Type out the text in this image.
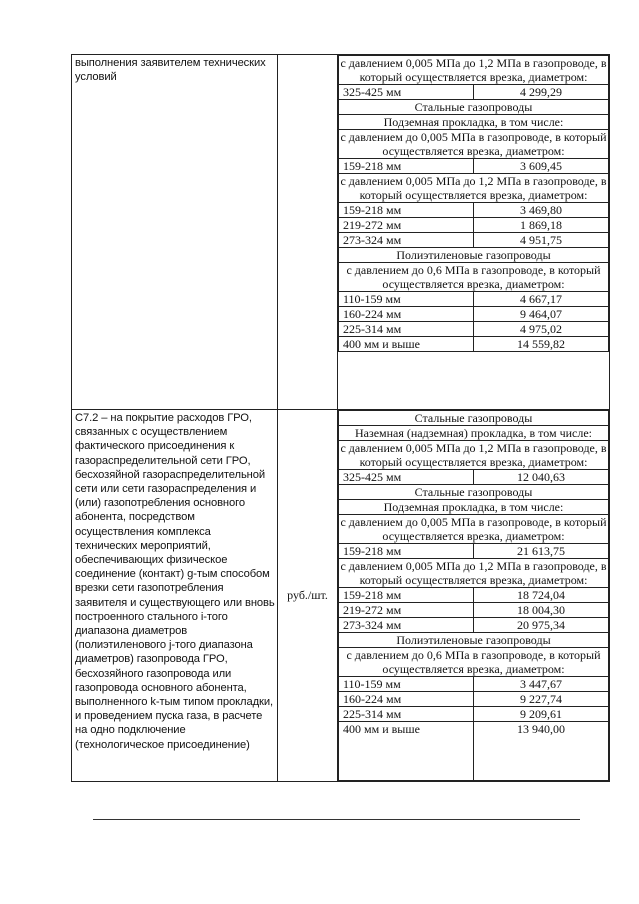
выполнения заявителем технических условий		
с давлением 0,005 МПа до 1,2 МПа в газопроводе, в который осуществляется врезка, диаметром:
325-425 мм	4 299,29
Стальные газопроводы
Подземная прокладка, в том числе:
с давлением до 0,005 МПа в газопроводе, в который осуществляется врезка, диаметром:
159-218 мм	3 609,45
с давлением 0,005 МПа до 1,2 МПа в газопроводе, в который осуществляется врезка, диаметром:
159-218 мм	3 469,80
219-272 мм	1 869,18
273-324 мм	4 951,75
Полиэтиленовые газопроводы
с давлением до 0,6 МПа в газопроводе, в который осуществляется врезка, диаметром:
110-159 мм	4 667,17
160-224 мм	9 464,07
225-314 мм	4 975,02
400 мм и выше	14 559,82

С7.2 – на покрытие расходов ГРО, связанных с осуществлением фактического присоединения к газораспределительной сети ГРО, бесхозяйной газораспределительной сети или сети газораспределения и (или) газопотребления основного абонента, посредством осуществления комплекса технических мероприятий, обеспечивающих физическое соединение (контакт) g-тым способом врезки сети газопотребления заявителя и существующего или вновь построенного стального i-того диапазона диаметров (полиэтиленового j-того диапазона диаметров) газопровода ГРО, бесхозяйного газопровода или газопровода основного абонента, выполненного k-тым типом прокладки, и проведением пуска газа, в расчете на одно подключение (технологическое присоединение)	руб./шт.	
Стальные газопроводы
Наземная (надземная) прокладка, в том числе:
с давлением 0,005 МПа до 1,2 МПа в газопроводе, в который осуществляется врезка, диаметром:
325-425 мм	12 040,63
Стальные газопроводы
Подземная прокладка, в том числе:
с давлением до 0,005 МПа в газопроводе, в который осуществляется врезка, диаметром:
159-218 мм	21 613,75
с давлением 0,005 МПа до 1,2 МПа в газопроводе, в который осуществляется врезка, диаметром:
159-218 мм	18 724,04
219-272 мм	18 004,30
273-324 мм	20 975,34
Полиэтиленовые газопроводы
с давлением до 0,6 МПа в газопроводе, в который осуществляется врезка, диаметром:
110-159 мм	3 447,67
160-224 мм	9 227,74
225-314 мм	9 209,61
400 мм и выше	13 940,00
